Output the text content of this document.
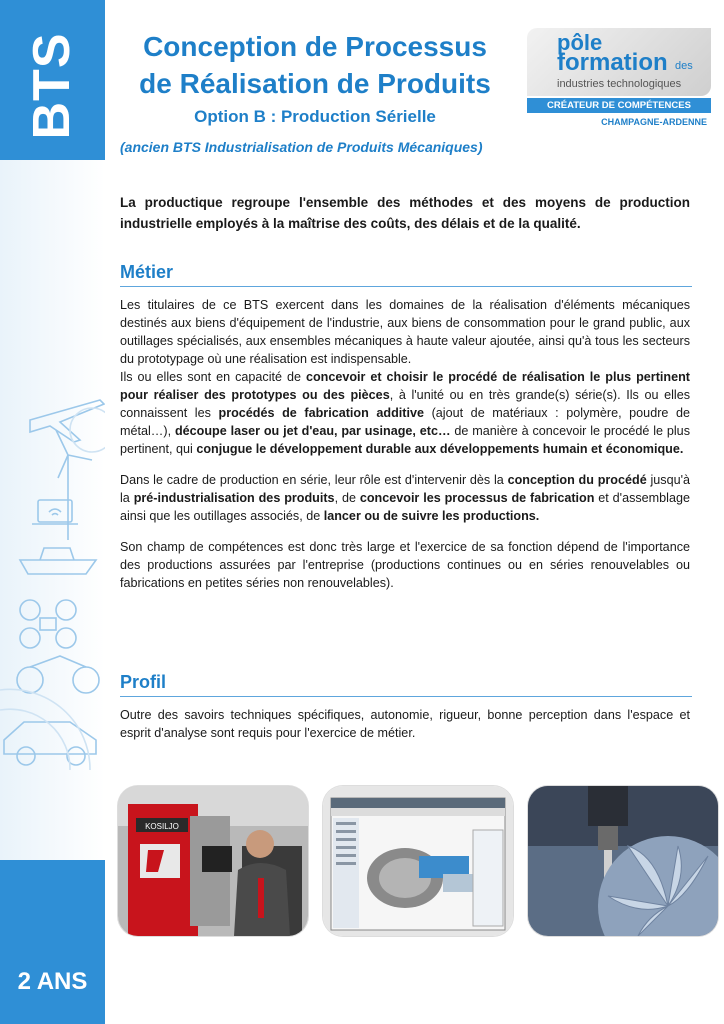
BTS
2 ANS
Conception de Processus
de Réalisation de Produits
Option B : Production Sérielle
(ancien BTS Industrialisation de Produits Mécaniques)
pôle
formation des
industries technologiques
CRÉATEUR DE COMPÉTENCES
CHAMPAGNE-ARDENNE
La productique regroupe l'ensemble des méthodes et des moyens de production industrielle employés à la maîtrise des coûts, des délais et de la qualité.
Métier

Les titulaires de ce BTS exercent dans les domaines de la réalisation d'éléments mécaniques destinés aux biens d'équipement de l'industrie, aux biens de consommation pour le grand public, aux outillages spécialisés, aux ensembles mécaniques à haute valeur ajoutée, ainsi qu'à tous les secteurs du prototypage où une réalisation est indispensable.

Ils ou elles sont en capacité de concevoir et choisir le procédé de réalisation le plus pertinent pour réaliser des prototypes ou des pièces, à l'unité ou en très grande(s) série(s). Ils ou elles connaissent les procédés de fabrication additive (ajout de matériaux : polymère, poudre de métal…), découpe laser ou jet d'eau, par usinage, etc… de manière à concevoir le procédé le plus pertinent, qui conjugue le développement durable aux développements humain et économique.

Dans le cadre de production en série, leur rôle est d'intervenir dès la conception du procédé jusqu'à la pré-industrialisation des produits, de concevoir les processus de fabrication et d'assemblage ainsi que les outillages associés, de lancer ou de suivre les productions.

Son champ de compétences est donc très large et l'exercice de sa fonction dépend de l'importance des productions assurées par l'entreprise (productions continues ou en séries renouvelables ou fabrications en petites séries non renouvelables).

Profil
Outre des savoirs techniques spécifiques, autonomie, rigueur, bonne perception dans l'espace et esprit d'analyse sont requis pour l'exercice de métier.
KOSILJO
